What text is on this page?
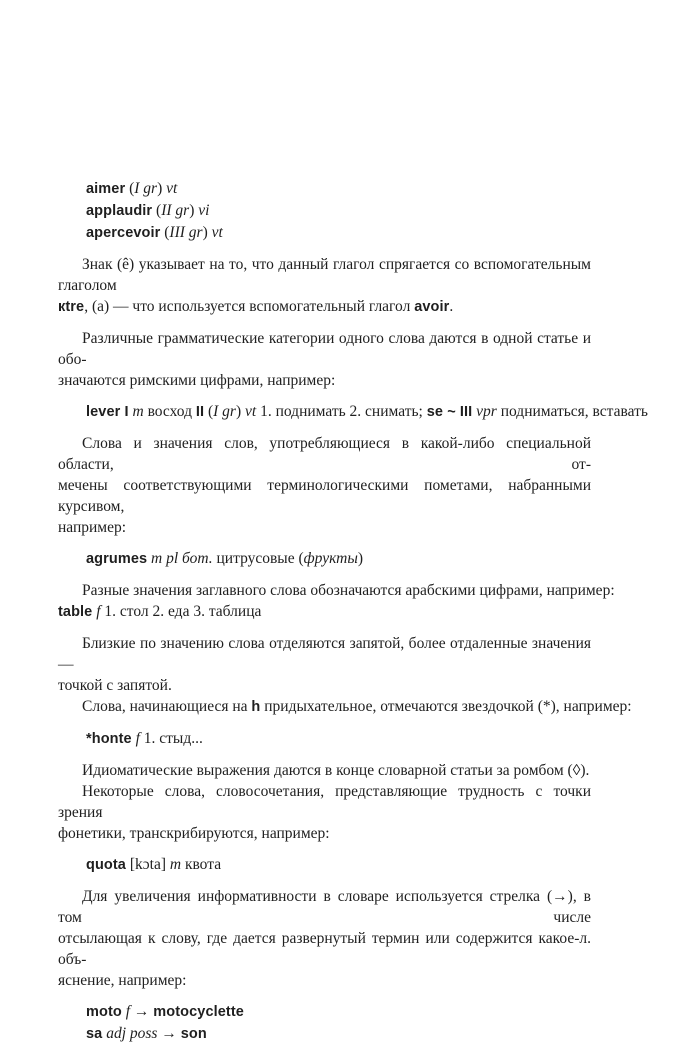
aimer (I gr) vt
applaudir (II gr) vi
apercevoir (III gr) vt
Знак (ê) указывает на то, что данный глагол спрягается со вспомогательным глаголом
кtre, (а) — что используется вспомогательный глагол avoir.
Различные грамматические категории одного слова даются в одной статье и обо-
значаются римскими цифрами, например:
lever I m восход II (I gr) vt 1. поднимать 2. снимать; se ~ III vpr подниматься, вставать
Слова и значения слов, употребляющиеся в какой-либо специальной области, от-
мечены соответствующими терминологическими пометами, набранными курсивом,
например:
agrumes m pl бот. цитрусовые (фрукты)
Разные значения заглавного слова обозначаются арабскими цифрами, например:
table f 1. стол 2. еда 3. таблица
Близкие по значению слова отделяются запятой, более отдаленные значения —
точкой с запятой.
Слова, начинающиеся на h придыхательное, отмечаются звездочкой (*), например:
*honte f 1. стыд...
Идиоматические выражения даются в конце словарной статьи за ромбом (◊).
Некоторые слова, словосочетания, представляющие трудность с точки зрения
фонетики, транскрибируются, например:
quota [kɔta] m квота
Для увеличения информативности в словаре используется стрелка (→), в том числе
отсылающая к слову, где дается развернутый термин или содержится какое-л. объ-
яснение, например:
moto f → motocyclette
sa adj poss → son
